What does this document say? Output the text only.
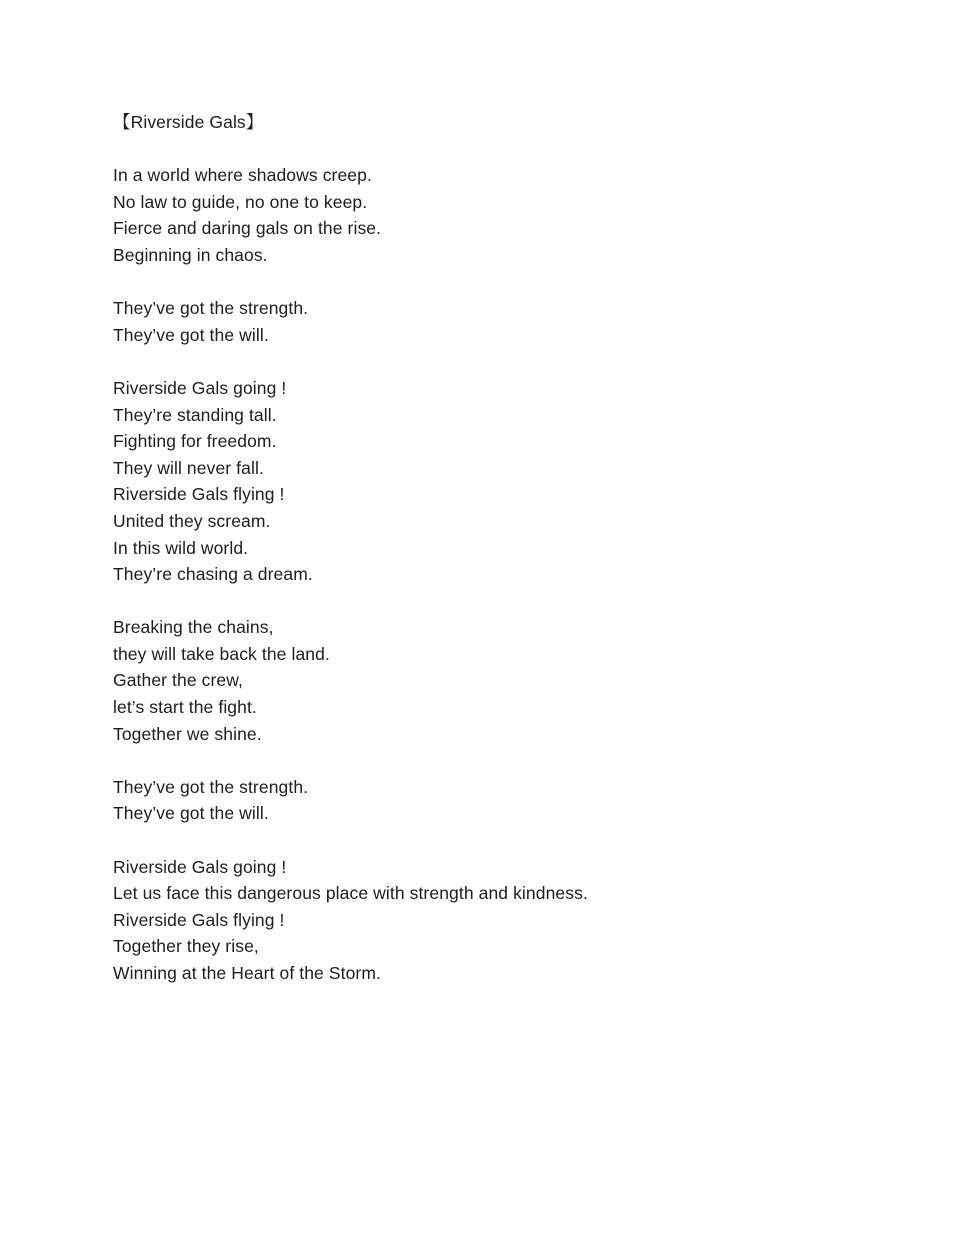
【Riverside Gals】
In a world where shadows creep.
No law to guide, no one to keep.
Fierce and daring gals on the rise.
Beginning in chaos.
They’ve got the strength.
They’ve got the will.
Riverside Gals going !
They’re standing tall.
Fighting for freedom.
They will never fall.
Riverside Gals flying !
United they scream.
In this wild world.
They’re chasing a dream.
Breaking the chains,
they will take back the land.
Gather the crew,
let’s start the fight.
Together we shine.
They’ve got the strength.
They’ve got the will.
Riverside Gals going !
Let us face this dangerous place with strength and kindness.
Riverside Gals flying !
Together they rise,
Winning at the Heart of the Storm.
